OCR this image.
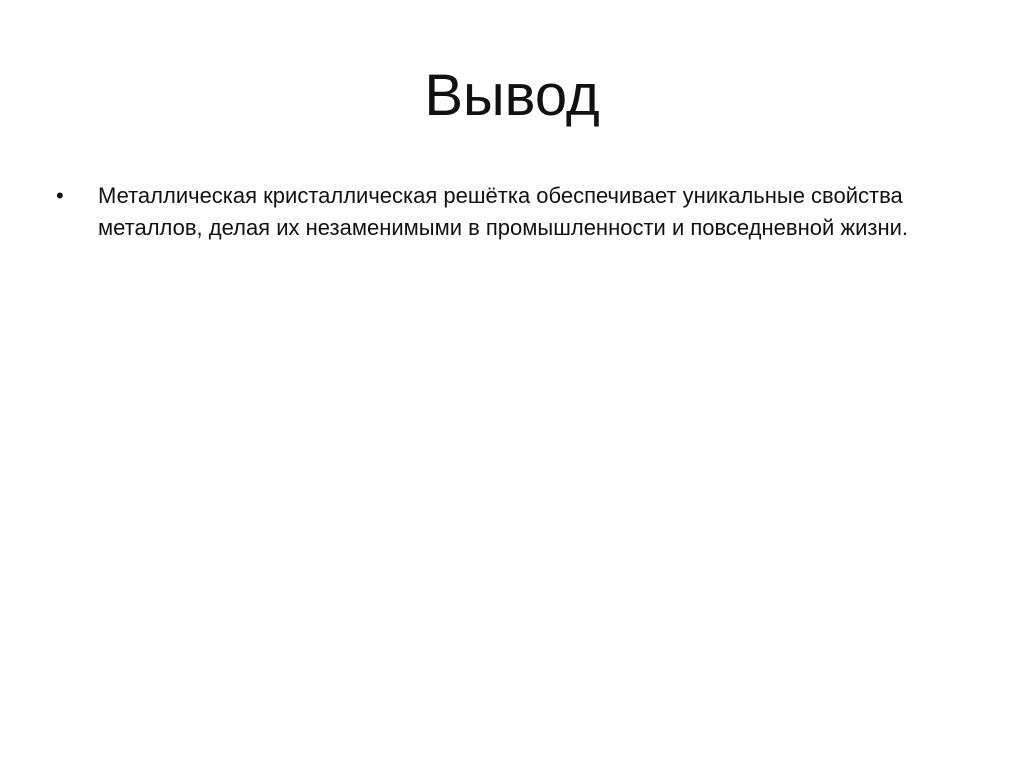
Вывод
• Металлическая кристаллическая решётка обеспечивает уникальные свойства металлов, делая их незаменимыми в промышленности и повседневной жизни.
